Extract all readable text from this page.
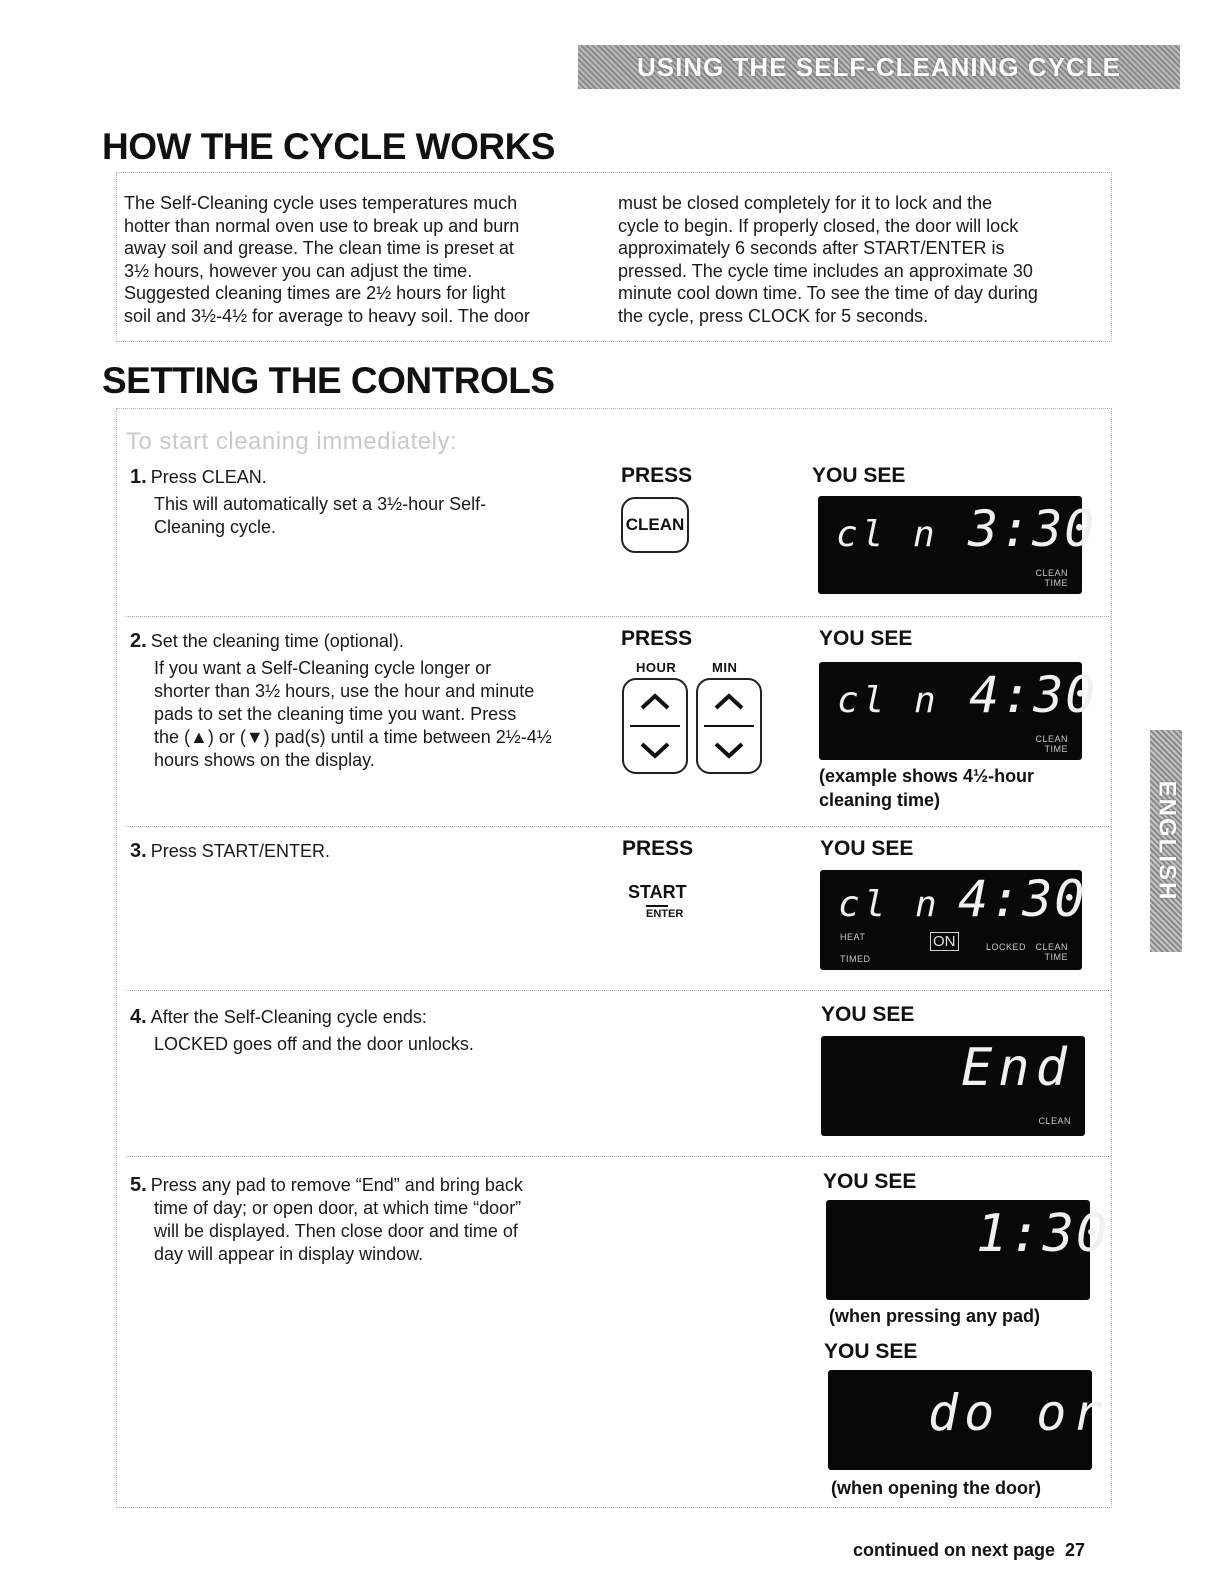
USING THE SELF-CLEANING CYCLE
HOW THE CYCLE WORKS
The Self-Cleaning cycle uses temperatures much
hotter than normal oven use to break up and burn
away soil and grease. The clean time is preset at
3½ hours, however you can adjust the time.
Suggested cleaning times are 2½ hours for light
soil and 3½-4½ for average to heavy soil. The door
must be closed completely for it to lock and the
cycle to begin. If properly closed, the door will lock
approximately 6 seconds after START/ENTER is
pressed. The cycle time includes an approximate 30
minute cool down time. To see the time of day during
the cycle, press CLOCK for 5 seconds.
SETTING THE CONTROLS
To start cleaning immediately:
1. Press CLEAN.

This will automatically set a 3½-hour Self-
Cleaning cycle.

PRESS
CLEAN
YOU SEE
cl n 3:30
CLEAN
TIME
2. Set the cleaning time (optional).

If you want a Self-Cleaning cycle longer or
shorter than 3½ hours, use the hour and minute
pads to set the cleaning time you want. Press
the (▲) or (▼) pad(s) until a time between 2½-4½
hours shows on the display.

PRESS
HOUR	MIN
YOU SEE
cl n 4:30
CLEAN
TIME
(example shows 4½-hour
cleaning time)
3. Press START/ENTER.	PRESS
START
ENTER
YOU SEE
cl n 4:30
HEAT
TIMED
ON	LOCKED CLEAN
TIME
4. After the Self-Cleaning cycle ends:

LOCKED goes off and the door unlocks.

YOU SEE
End
CLEAN
5. Press any pad to remove “End” and bring back

time of day; or open door, at which time “door”
will be displayed. Then close door and time of
day will appear in display window.

YOU SEE
1:30
(when pressing any pad)
YOU SEE
do or
(when opening the door)
ENGLISH
continued on next page 27
